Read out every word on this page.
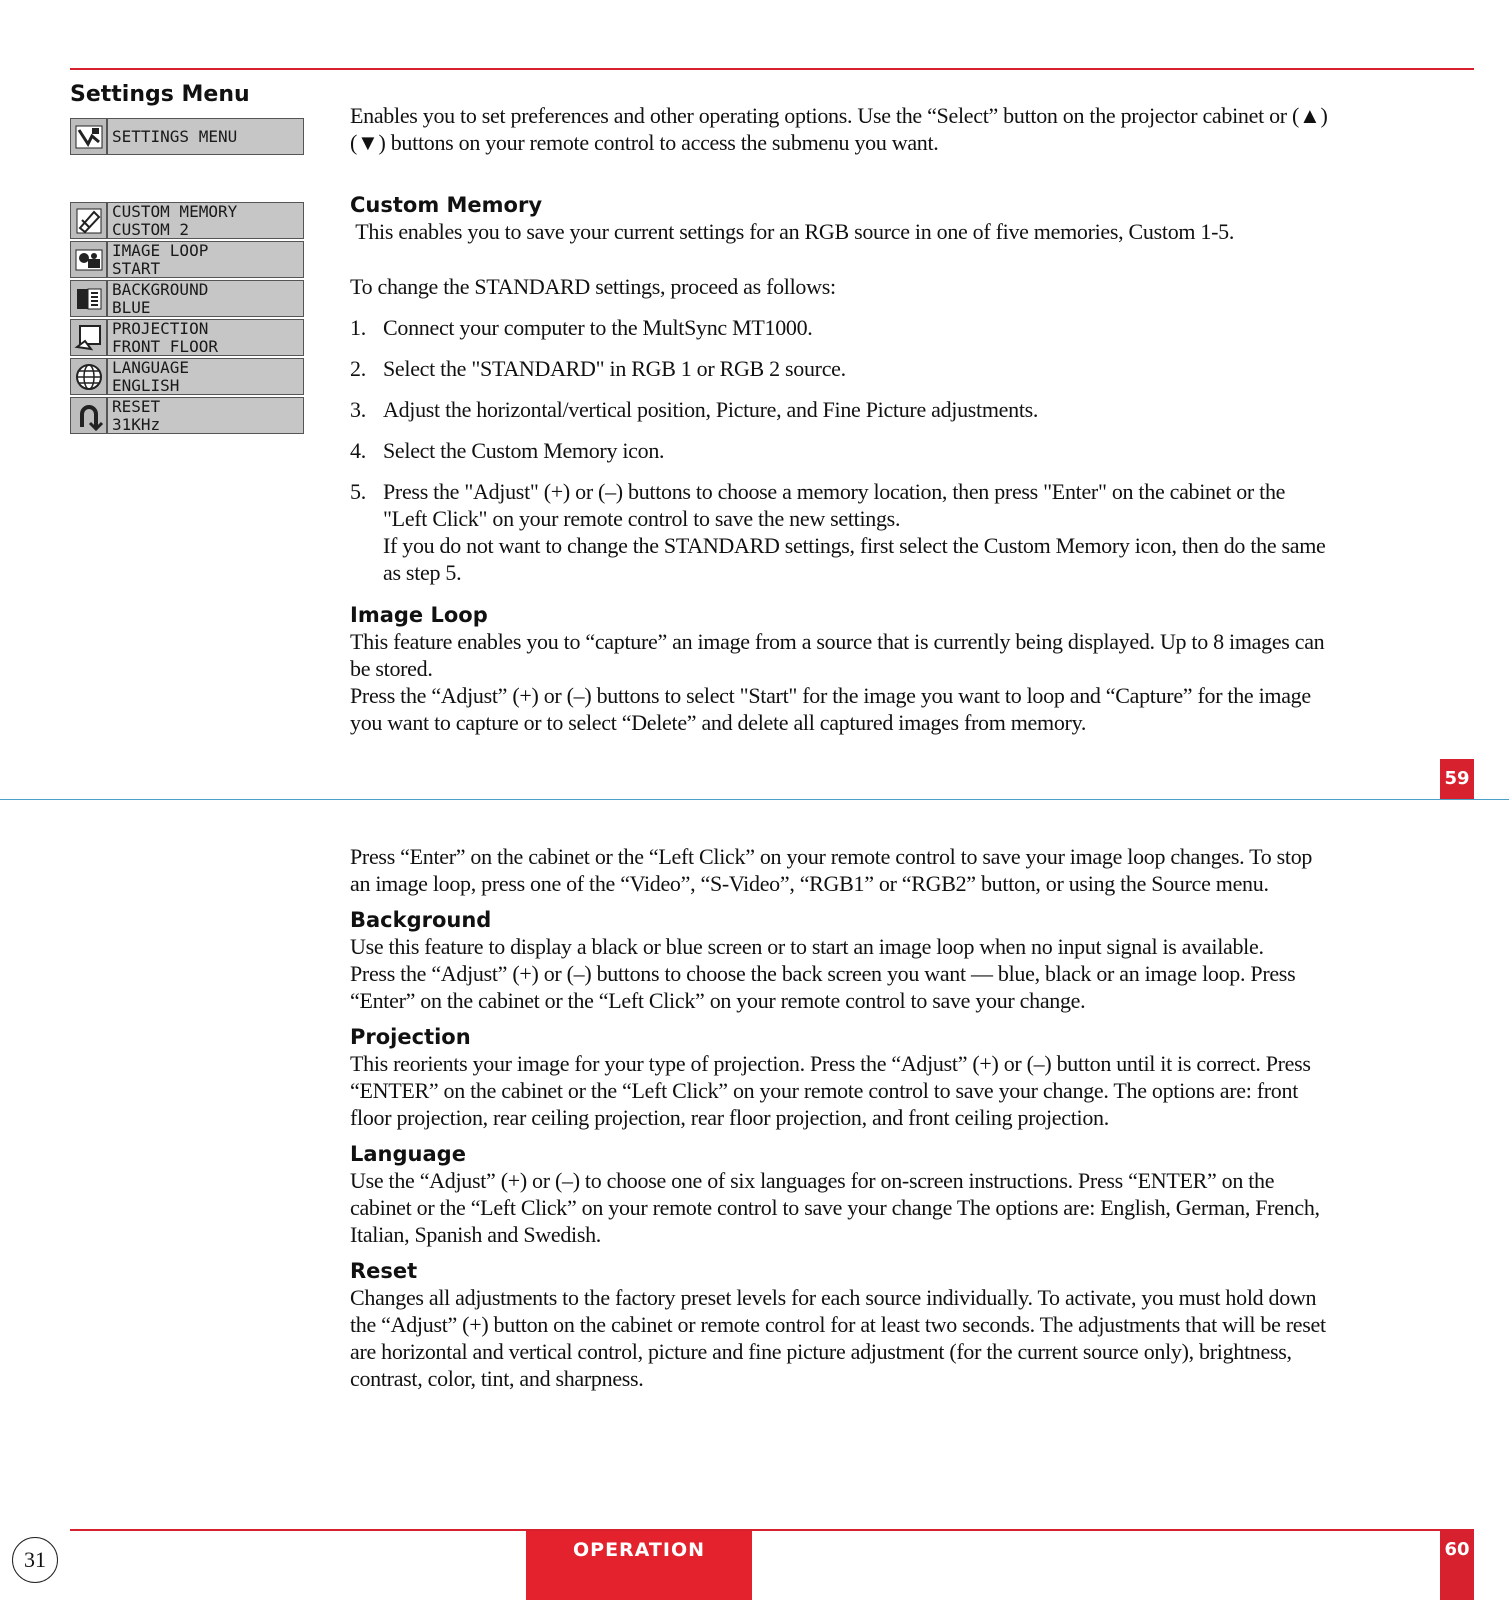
Settings Menu
SETTINGS MENU
CUSTOM MEMORY
CUSTOM 2
IMAGE LOOP
START
BACKGROUND
BLUE
PROJECTION
FRONT FLOOR
LANGUAGE
ENGLISH
RESET
31KHz

Enables you to set preferences and other operating options. Use the “Select” button on the projector cabinet or (▲) (▼) buttons on your remote control to access the submenu you want.

Custom Memory

This enables you to save your current settings for an RGB source in one of five memories, Custom 1-5.

To change the STANDARD settings, proceed as follows:

1. Connect your computer to the MultSync MT1000.
2. Select the "STANDARD" in RGB 1 or RGB 2 source.
3. Adjust the horizontal/vertical position, Picture, and Fine Picture adjustments.
4. Select the Custom Memory icon.
5. Press the "Adjust" (+) or (–) buttons to choose a memory location, then press "Enter" on the cabinet or the "Left Click" on your remote control to save the new settings.
If you do not want to change the STANDARD settings, first select the Custom Memory icon, then do the same as step 5.
Image Loop

This feature enables you to “capture” an image from a source that is currently being displayed. Up to 8 images can be stored.

Press the “Adjust” (+) or (–) buttons to select "Start" for the image you want to loop and “Capture” for the image you want to capture or to select “Delete” and delete all captured images from memory.

59

Press “Enter” on the cabinet or the “Left Click” on your remote control to save your image loop changes. To stop an image loop, press one of the “Video”, “S-Video”, “RGB1” or “RGB2” button, or using the Source menu.

Background

Use this feature to display a black or blue screen or to start an image loop when no input signal is available.

Press the “Adjust” (+) or (–) buttons to choose the back screen you want — blue, black or an image loop. Press “Enter” on the cabinet or the “Left Click” on your remote control to save your change.

Projection

This reorients your image for your type of projection. Press the “Adjust” (+) or (–) button until it is correct. Press “ENTER” on the cabinet or the “Left Click” on your remote control to save your change. The options are: front floor projection, rear ceiling projection, rear floor projection, and front ceiling projection.

Language

Use the “Adjust” (+) or (–) to choose one of six languages for on-screen instructions. Press “ENTER” on the cabinet or the “Left Click” on your remote control to save your change The options are: English, German, French, Italian, Spanish and Swedish.

Reset

Changes all adjustments to the factory preset levels for each source individually. To activate, you must hold down the “Adjust” (+) button on the cabinet or remote control for at least two seconds. The adjustments that will be reset are horizontal and vertical control, picture and fine picture adjustment (for the current source only), brightness, contrast, color, tint, and sharpness.

OPERATION	60
31
